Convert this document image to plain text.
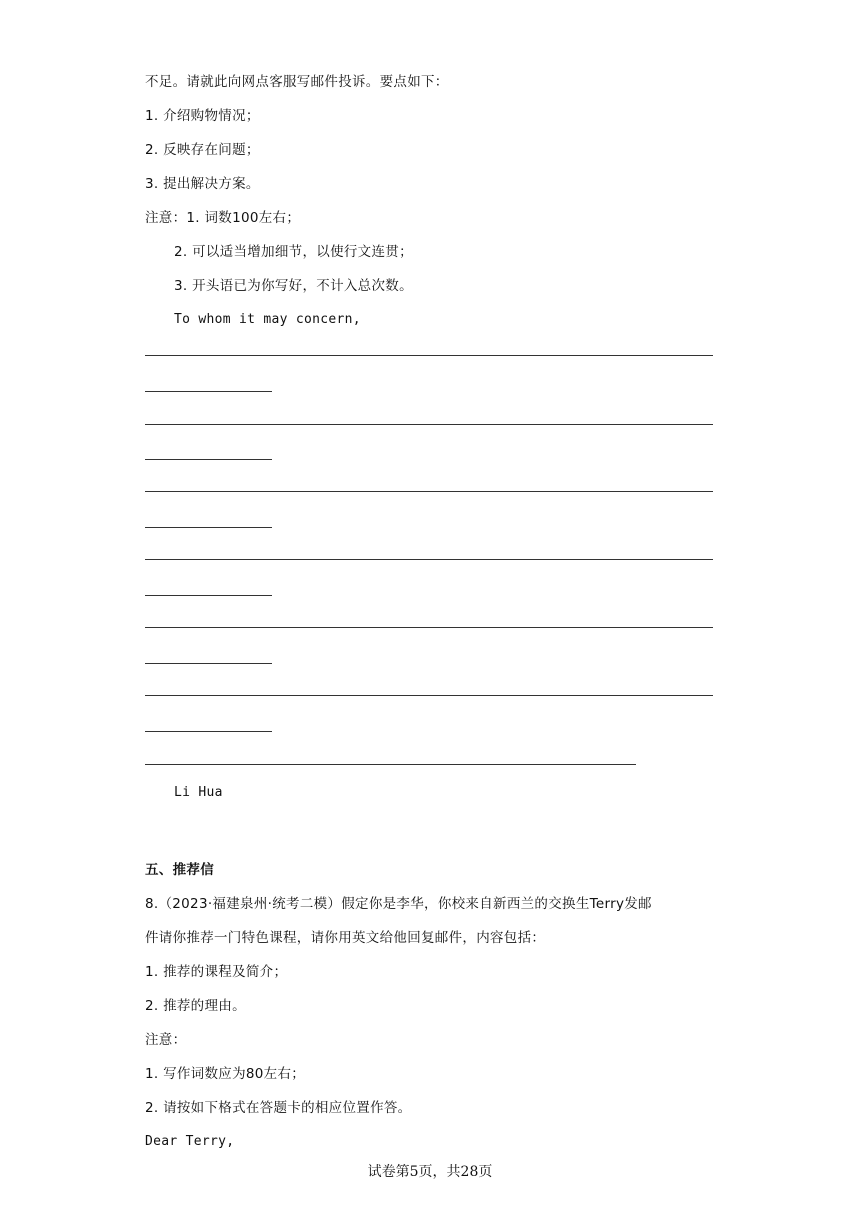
不足。请就此向网点客服写邮件投诉。要点如下：
1. 介绍购物情况；
2. 反映存在问题；
3. 提出解决方案。
注意：1. 词数100左右；
2. 可以适当增加细节，以使行文连贯；
3. 开头语已为你写好，不计入总次数。
To whom it may concern,
Li Hua
五、推荐信
8.（2023·福建泉州·统考二模）假定你是李华，你校来自新西兰的交换生Terry发邮
件请你推荐一门特色课程，请你用英文给他回复邮件，内容包括：
1. 推荐的课程及简介；
2. 推荐的理由。
注意：
1. 写作词数应为80左右；
2. 请按如下格式在答题卡的相应位置作答。
Dear Terry,
试卷第5页，共28页
